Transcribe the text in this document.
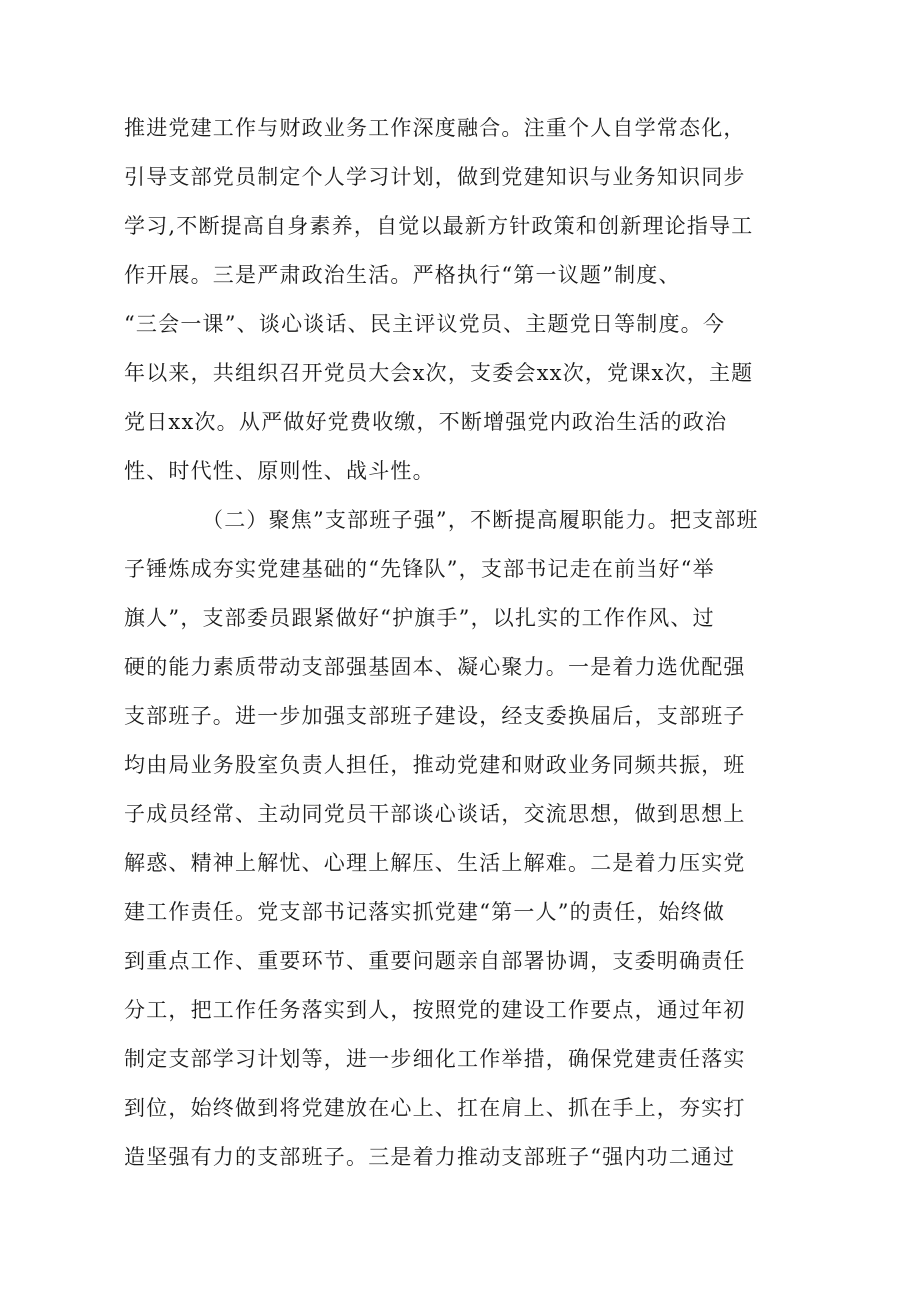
推进党建工作与财政业务工作深度融合。注重个人自学常态化，
引导支部党员制定个人学习计划，做到党建知识与业务知识同步
学习,不断提高自身素养，自觉以最新方针政策和创新理论指导工
作开展。三是严肃政治生活。严格执行“第一议题”制度、
“三会一课”、谈心谈话、民主评议党员、主题党日等制度。今
年以来，共组织召开党员大会x次，支委会xx次，党课x次，主题
党日xx次。从严做好党费收缴，不断增强党内政治生活的政治
性、时代性、原则性、战斗性。
（二）聚焦”支部班子强”，不断提高履职能力。把支部班
子锤炼成夯实党建基础的“先锋队”，支部书记走在前当好“举
旗人”，支部委员跟紧做好“护旗手”，以扎实的工作作风、过
硬的能力素质带动支部强基固本、凝心聚力。一是着力选优配强
支部班子。进一步加强支部班子建设，经支委换届后，支部班子
均由局业务股室负责人担任，推动党建和财政业务同频共振，班
子成员经常、主动同党员干部谈心谈话，交流思想，做到思想上
解惑、精神上解忧、心理上解压、生活上解难。二是着力压实党
建工作责任。党支部书记落实抓党建“第一人”的责任，始终做
到重点工作、重要环节、重要问题亲自部署协调，支委明确责任
分工，把工作任务落实到人，按照党的建设工作要点，通过年初
制定支部学习计划等，进一步细化工作举措，确保党建责任落实
到位，始终做到将党建放在心上、扛在肩上、抓在手上，夯实打
造坚强有力的支部班子。三是着力推动支部班子“强内功二通过
